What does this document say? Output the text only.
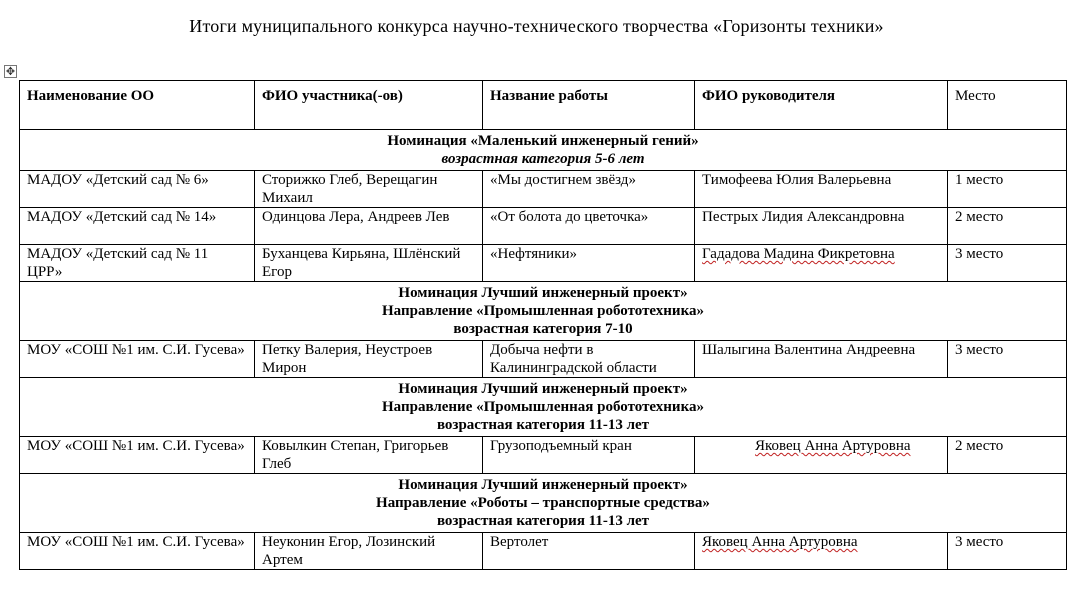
Итоги муниципального конкурса научно-технического творчества «Горизонты техники»
✥
Наименование ОО	ФИО участника(-ов)	Название работы	ФИО руководителя	Место

Номинация «Маленький инженерный гений»
возрастная категория 5-6 лет				

МАДОУ «Детский сад № 6»	Сторижко Глеб, Верещагин Михаил	«Мы достигнем звёзд»	Тимофеева Юлия Валерьевна	1 место
МАДОУ «Детский сад № 14»	Одинцова Лера, Андреев Лев	«От болота до цветочка»	Пестрых Лидия Александровна	2 место
МАДОУ «Детский сад № 11 ЦРР»	Буханцева Кирьяна, Шлёнский Егор	«Нефтяники»	Гададова Мадина Фикретовна	3 место

Номинация Лучший инженерный проект»
Направление «Промышленная робототехника»
возрастная категория 7-10				

МОУ «СОШ №1 им. С.И. Гусева»	Петку Валерия, Неустроев Мирон	Добыча нефти в Калининградской области	Шалыгина Валентина Андреевна	3 место

Номинация Лучший инженерный проект»
Направление «Промышленная робототехника»
возрастная категория 11-13 лет				

МОУ «СОШ №1 им. С.И. Гусева»	Ковылкин Степан, Григорьев Глеб	Грузоподъемный кран	Яковец Анна Артуровна	2 место

Номинация Лучший инженерный проект»
Направление «Роботы – транспортные средства»
возрастная категория 11-13 лет				

МОУ «СОШ №1 им. С.И. Гусева»	Неуконин Егор, Лозинский Артем	Вертолет	Яковец Анна Артуровна	3 место
